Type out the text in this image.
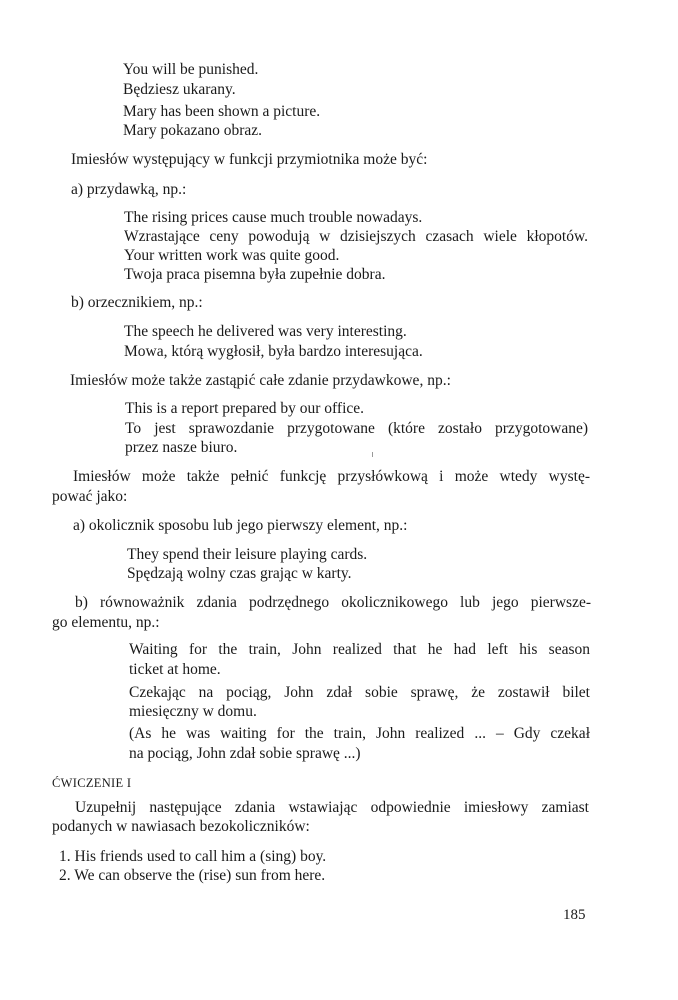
You will be punished.
Będziesz ukarany.
Mary has been shown a picture.
Mary pokazano obraz.
Imiesłów występujący w funkcji przymiotnika może być:
a) przydawką, np.:
The rising prices cause much trouble nowadays.
Wzrastające ceny powodują w dzisiejszych czasach wiele kłopotów.
Your written work was quite good.
Twoja praca pisemna była zupełnie dobra.
b) orzecznikiem, np.:
The speech he delivered was very interesting.
Mowa, którą wygłosił, była bardzo interesująca.
Imiesłów może także zastąpić całe zdanie przydawkowe, np.:
This is a report prepared by our office.
To jest sprawozdanie przygotowane (które zostało przygotowane)
przez nasze biuro.
Imiesłów może także pełnić funkcję przysłówkową i może wtedy wystę-
pować jako:
a) okolicznik sposobu lub jego pierwszy element, np.:
They spend their leisure playing cards.
Spędzają wolny czas grając w karty.
b) równoważnik zdania podrzędnego okolicznikowego lub jego pierwsze-
go elementu, np.:
Waiting for the train, John realized that he had left his season
ticket at home.
Czekając na pociąg, John zdał sobie sprawę, że zostawił bilet
miesięczny w domu.
(As he was waiting for the train, John realized ... – Gdy czekał
na pociąg, John zdał sobie sprawę ...)
ĆWICZENIE I
Uzupełnij następujące zdania wstawiając odpowiednie imiesłowy zamiast
podanych w nawiasach bezokoliczników:
1. His friends used to call him a (sing) boy.
2. We can observe the (rise) sun from here.
185
